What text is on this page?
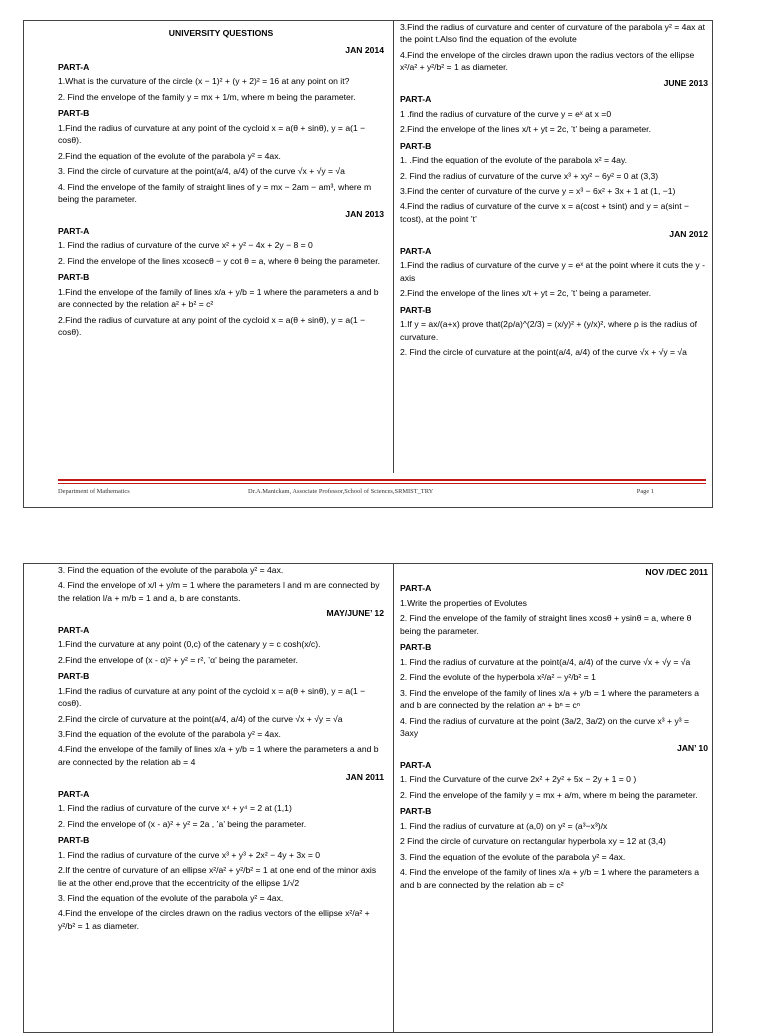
UNIVERSITY QUESTIONS
JAN 2014
PART-A
1.What is the curvature of the circle (x − 1)² + (y + 2)² = 16 at any point on it?
2. Find the envelope of the family y = mx + 1/m, where m being the parameter.
PART-B
1.Find the radius of curvature at any point of the cycloid x = a(θ + sinθ), y = a(1 − cosθ).
2.Find the equation of the evolute of the parabola y² = 4ax.
3. Find the circle of curvature at the point(a/4, a/4) of the curve √x + √y = √a
4. Find the envelope of the family of straight lines of y = mx − 2am − am³, where m being the parameter.
JAN 2013
PART-A
1. Find the radius of curvature of the curve x² + y² − 4x + 2y − 8 = 0
2. Find the envelope of the lines xcosecθ − y cot θ = a, where θ being the parameter.
PART-B
1.Find the envelope of the family of lines x/a + y/b = 1 where the parameters a and b are connected by the relation a² + b² = c²
2.Find the radius of curvature at any point of the cycloid x = a(θ + sinθ), y = a(1 − cosθ).
3.Find the radius of curvature and center of curvature of the parabola y² = 4ax at the point t.Also find the equation of the evolute
4.Find the envelope of the circles drawn upon the radius vectors of the ellipse x²/a² + y²/b² = 1 as diameter.
JUNE 2013
PART-A
1 .find the radius of curvature of the curve y = eˣ at x =0
2.Find the envelope of the lines x/t + yt = 2c, ’t’ being a parameter.
PART-B
1. .Find the equation of the evolute of the parabola x² = 4ay.
2. Find the radius of curvature of the curve x³ + xy² − 6y² = 0 at (3,3)
3.Find the center of curvature of the curve y = x³ − 6x² + 3x + 1 at (1, −1)
4.Find the radius of curvature of the curve x = a(cost + tsint) and y = a(sint − tcost), at the point ’t’
JAN 2012
PART-A
1.Find the radius of curvature of the curve y = eˣ at the point where it cuts the y - axis
2.Find the envelope of the lines x/t + yt = 2c, ’t’ being a parameter.
PART-B
1.If y = ax/(a+x) prove that(2ρ/a)^(2/3) = (x/y)² + (y/x)², where ρ is the radius of curvature.
2. Find the circle of curvature at the point(a/4, a/4) of the curve √x + √y = √a
Department of Mathematics	Dr.A.Manickam, Associate Professor,School of Sciences,SRMIST_TRY	Page 1
3. Find the equation of the evolute of the parabola y² = 4ax.
4. Find the envelope of x/l + y/m = 1 where the parameters l and m are connected by the relation l/a + m/b = 1 and a, b are constants.
MAY/JUNE’ 12
PART-A
1.Find the curvature at any point (0,c) of the catenary y = c cosh(x/c).
2.Find the envelope of (x - α)² + y² = r², ’α’ being the parameter.
PART-B
1.Find the radius of curvature at any point of the cycloid x = a(θ + sinθ), y = a(1 − cosθ).
2.Find the circle of curvature at the point(a/4, a/4) of the curve √x + √y = √a
3.Find the equation of the evolute of the parabola y² = 4ax.
4.Find the envelope of the family of lines x/a + y/b = 1 where the parameters a and b are connected by the relation ab = 4
JAN 2011
PART-A
1. Find the radius of curvature of the curve x⁴ + y⁴ = 2 at (1,1)
2. Find the envelope of (x - a)² + y² = 2a , ’a’ being the parameter.
PART-B
1. Find the radius of curvature of the curve x³ + y³ + 2x² − 4y + 3x = 0
2.If the centre of curvature of an ellipse x²/a² + y²/b² = 1 at one end of the minor axis lie at the other end,prove that the eccentricity of the ellipse 1/√2
3. Find the equation of the evolute of the parabola y² = 4ax.
4.Find the envelope of the circles drawn on the radius vectors of the ellipse x²/a² + y²/b² = 1 as diameter.
NOV /DEC 2011
PART-A
1.Write the properties of Evolutes
2. Find the envelope of the family of straight lines xcosθ + ysinθ = a, where θ being the parameter.
PART-B
1. Find the radius of curvature at the point(a/4, a/4) of the curve √x + √y = √a
2. Find the evolute of the hyperbola x²/a² − y²/b² = 1
3. Find the envelope of the family of lines x/a + y/b = 1 where the parameters a and b are connected by the relation aⁿ + bⁿ = cⁿ
4. Find the radius of curvature at the point (3a/2, 3a/2) on the curve x³ + y³ = 3axy
JAN’ 10
PART-A
1. Find the Curvature of the curve 2x² + 2y² + 5x − 2y + 1 = 0 )
2. Find the envelope of the family y = mx + a/m, where m being the parameter.
PART-B
1. Find the radius of curvature at (a,0) on y² = (a³−x³)/x
2 Find the circle of curvature on rectangular hyperbola xy = 12 at (3,4)
3. Find the equation of the evolute of the parabola y² = 4ax.
4. Find the envelope of the family of lines x/a + y/b = 1 where the parameters a and b are connected by the relation ab = c²
